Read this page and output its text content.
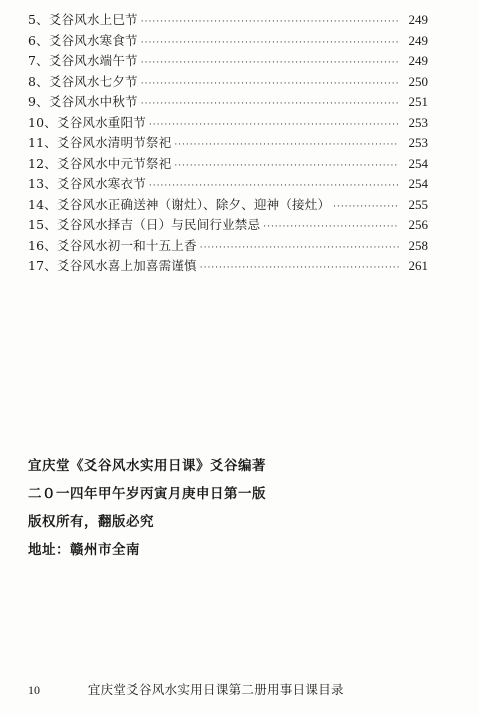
5、爻谷风水上巳节 ·····	249
6、爻谷风水寒食节 ·····	249
7、爻谷风水端午节 ·····	249
8、爻谷风水七夕节 ·····	250
9、爻谷风水中秋节 ·····	251
10、爻谷风水重阳节 ·····	253
11、爻谷风水清明节祭祀 ·····	253
12、爻谷风水中元节祭祀 ·····	254
13、爻谷风水寒衣节 ·····	254
14、爻谷风水正确送神（谢灶）、除夕、迎神（接灶） ·····	255
15、爻谷风水择吉（日）与民间行业禁忌 ·····	256
16、爻谷风水初一和十五上香 ·····	258
17、爻谷风水喜上加喜需谨慎 ·····	261
宜庆堂《爻谷风水实用日课》爻谷编著
二０一四年甲午岁丙寅月庚申日第一版
版权所有，翻版必究
地址：赣州市全南
10	宜庆堂爻谷风水实用日课第二册用事日课目录
